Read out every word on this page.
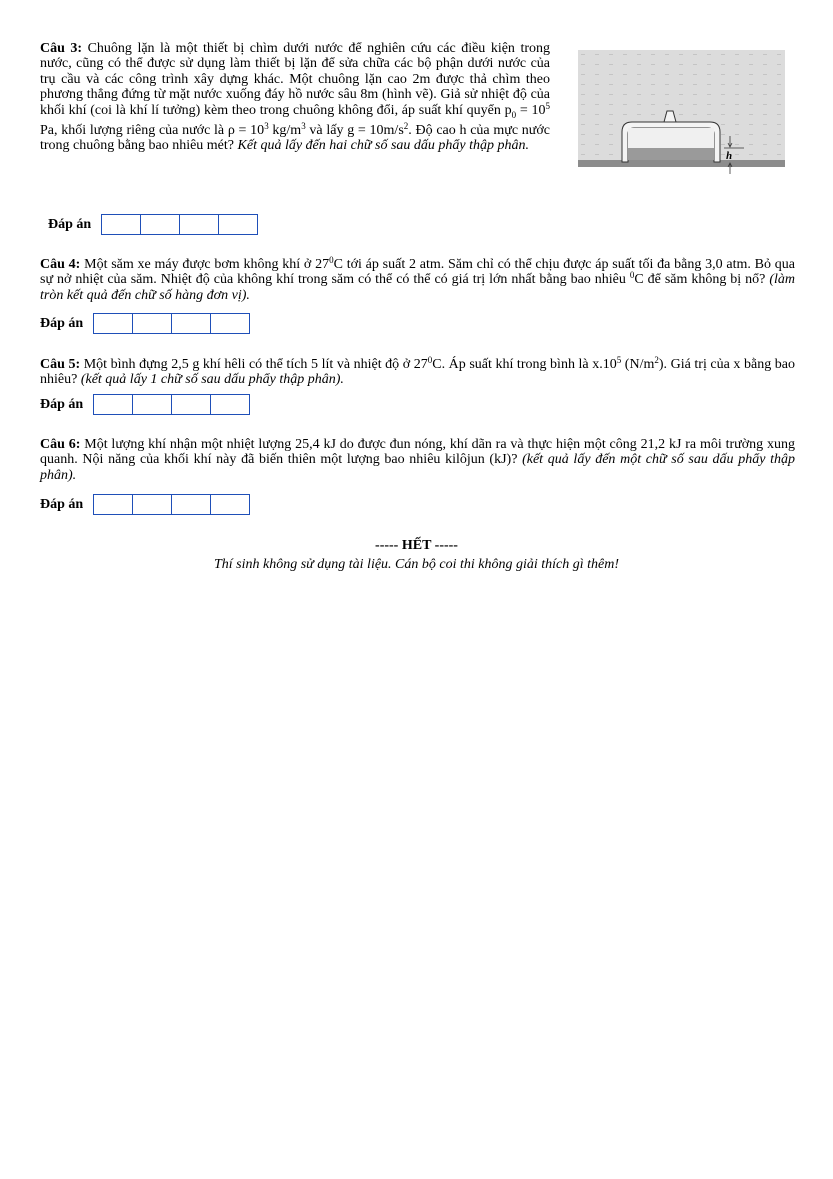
Câu 3: Chuông lặn là một thiết bị chìm dưới nước để nghiên cứu các điều kiện trong nước, cũng có thể được sử dụng làm thiết bị lặn để sửa chữa các bộ phận dưới nước của trụ cầu và các công trình xây dựng khác. Một chuông lặn cao 2m được thả chìm theo phương thẳng đứng từ mặt nước xuống đáy hồ nước sâu 8m (hình vẽ). Giả sử nhiệt độ của khối khí (coi là khí lí tưởng) kèm theo trong chuông không đổi, áp suất khí quyển $p_0 = 10^5$ Pa, khối lượng riêng của nước là $\rho = 10^3$ $kg/m^3$ và lấy $g = 10m/s^2$. Độ cao h của mực nước trong chuông bằng bao nhiêu mét? Kết quả lấy đến hai chữ số sau dấu phẩy thập phân.

h
Đáp án

Câu 4: Một săm xe máy được bơm không khí ở $27^0C$ tới áp suất 2 atm. Săm chỉ có thể chịu được áp suất tối đa bằng 3,0 atm. Bỏ qua sự nở nhiệt của săm. Nhiệt độ của không khí trong săm có thể có thể có giá trị lớn nhất bằng bao nhiêu $^0$C để săm không bị nổ? (làm tròn kết quả đến chữ số hàng đơn vị).

Đáp án

Câu 5: Một bình đựng 2,5 g khí hêli có thể tích 5 lít và nhiệt độ ở $27^0C$. Áp suất khí trong bình là $x.10^5$ $(N/m^2)$. Giá trị của x bằng bao nhiêu? (kết quả lấy 1 chữ số sau dấu phẩy thập phân).

Đáp án

Câu 6: Một lượng khí nhận một nhiệt lượng 25,4 kJ do được đun nóng, khí dãn ra và thực hiện một công 21,2 kJ ra môi trường xung quanh. Nội năng của khối khí này đã biến thiên một lượng bao nhiêu kilôjun (kJ)? (kết quả lấy đến một chữ số sau dấu phẩy thập phân).

Đáp án
----- HẾT -----
Thí sinh không sử dụng tài liệu. Cán bộ coi thi không giải thích gì thêm!
